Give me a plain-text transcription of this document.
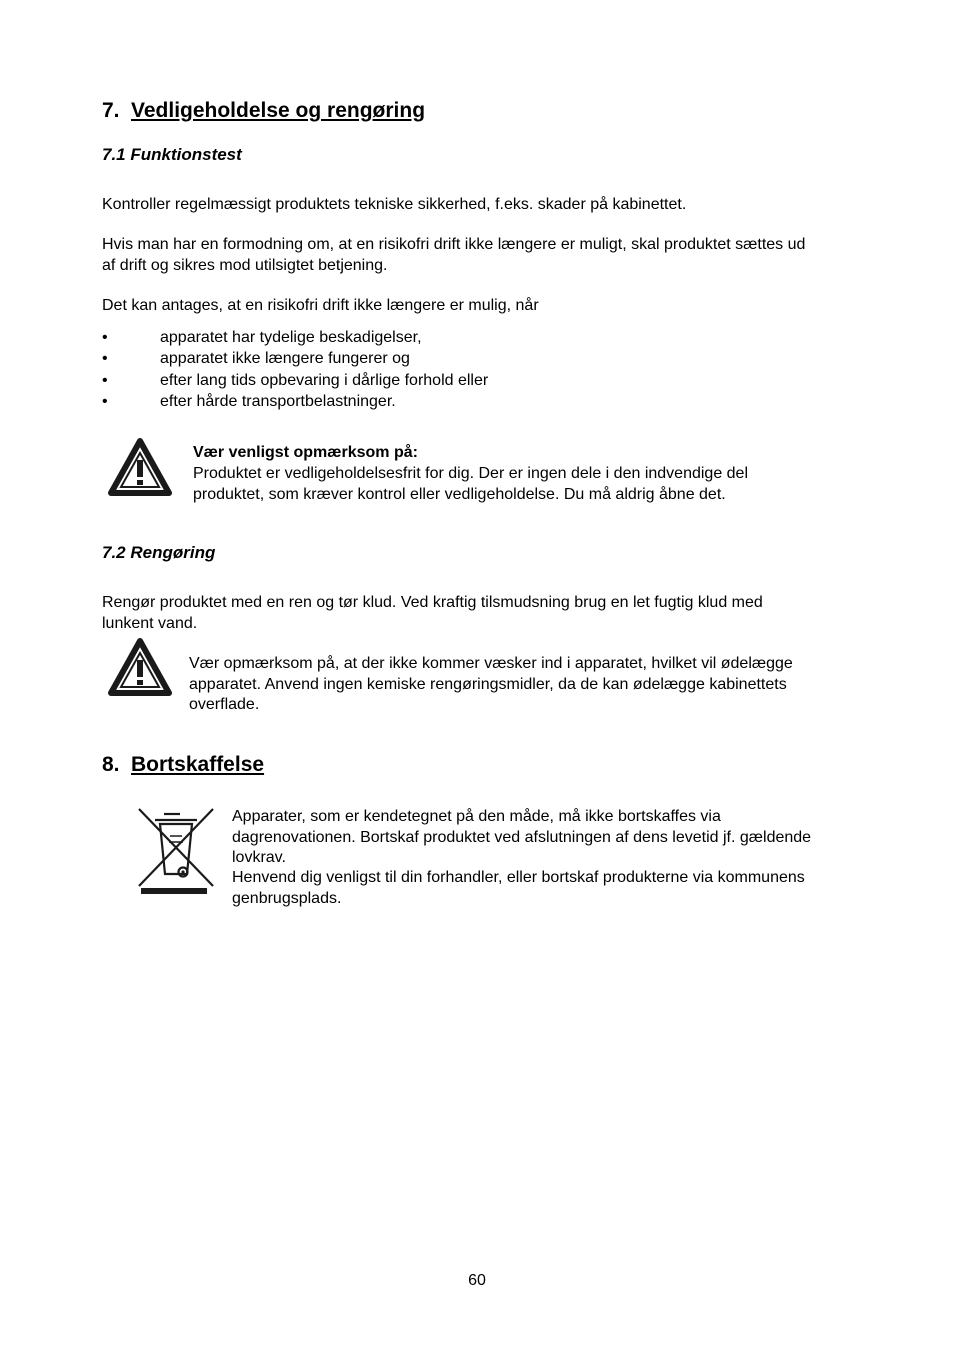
7. Vedligeholdelse og rengøring
7.1 Funktionstest
Kontroller regelmæssigt produktets tekniske sikkerhed, f.eks. skader på kabinettet.
Hvis man har en formodning om, at en risikofri drift ikke længere er muligt, skal produktet sættes ud
af drift og sikres mod utilsigtet betjening.
Det kan antages, at en risikofri drift ikke længere er mulig, når
•	apparatet har tydelige beskadigelser,
•	apparatet ikke længere fungerer og
•	efter lang tids opbevaring i dårlige forhold eller
•	efter hårde transportbelastninger.
Vær venligst opmærksom på:
Produktet er vedligeholdelsesfrit for dig. Der er ingen dele i den indvendige del
produktet, som kræver kontrol eller vedligeholdelse. Du må aldrig åbne det.
7.2 Rengøring
Rengør produktet med en ren og tør klud. Ved kraftig tilsmudsning brug en let fugtig klud med
lunkent vand.
Vær opmærksom på, at der ikke kommer væsker ind i apparatet, hvilket vil ødelægge
apparatet. Anvend ingen kemiske rengøringsmidler, da de kan ødelægge kabinettets
overflade.
8. Bortskaffelse
Apparater, som er kendetegnet på den måde, må ikke bortskaffes via
dagrenovationen. Bortskaf produktet ved afslutningen af dens levetid jf. gældende
lovkrav.
Henvend dig venligst til din forhandler, eller bortskaf produkterne via kommunens
genbrugsplads.
60
